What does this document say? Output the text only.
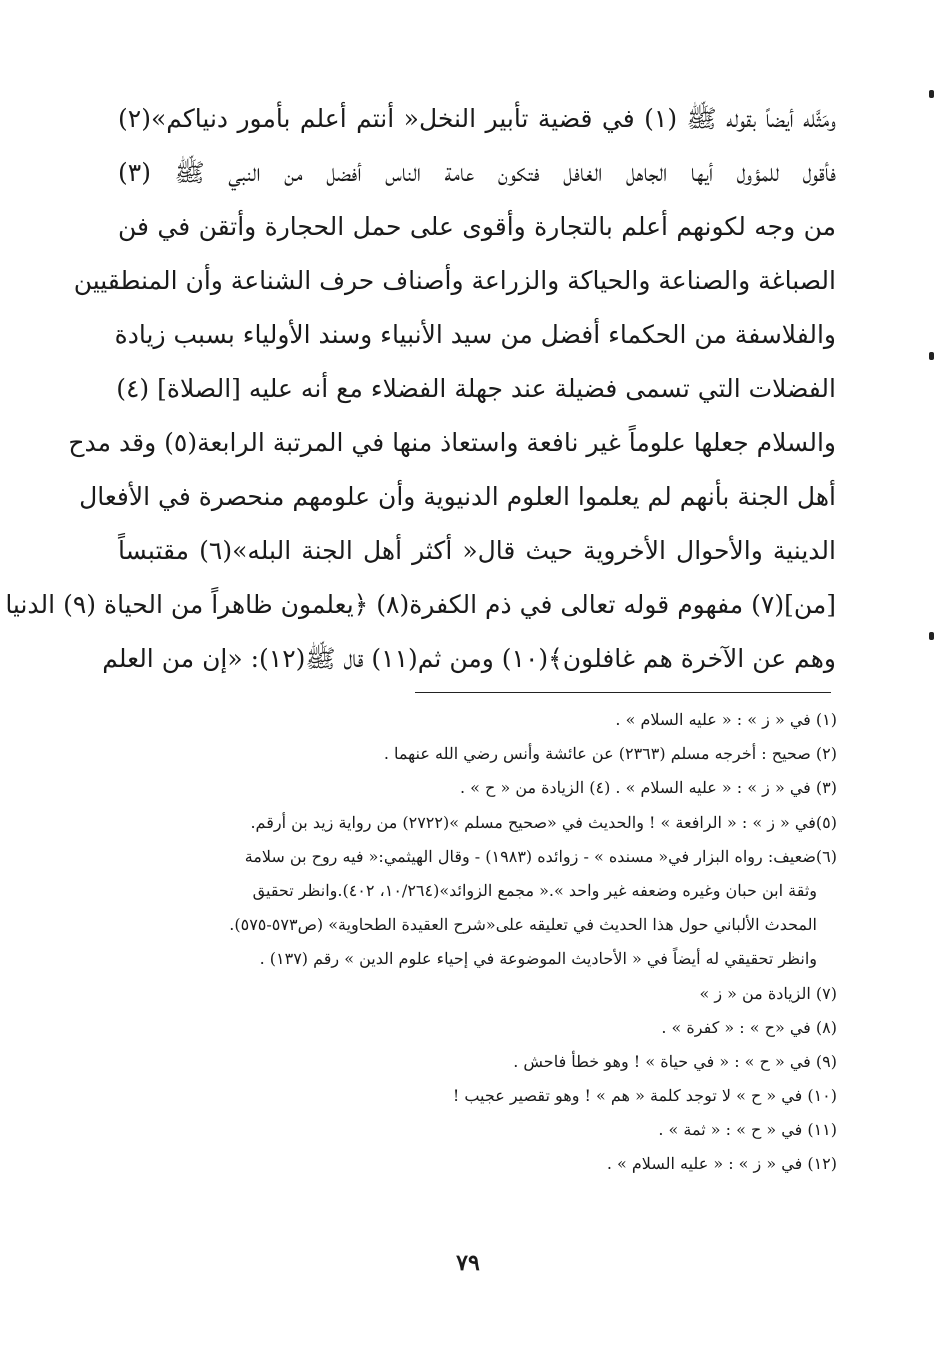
ومَثَّله أيضاً بقوله ﷺ (١) في قضية تأبير النخل« أنتم أعلم بأمور دنياكم»(٢)
فأقول للمؤول أيها الجاهل الغافل فتكون عامة الناس أفضل من النبي ﷺ (٣)
من وجه لكونهم أعلم بالتجارة وأقوى على حمل الحجارة وأتقن في فن
الصباغة والصناعة والحياكة والزراعة وأصناف حرف الشناعة وأن المنطقيين
والفلاسفة من الحكماء أفضل من سيد الأنبياء وسند الأولياء بسبب زيادة
الفضلات التي تسمى فضيلة عند جهلة الفضلاء مع أنه عليه [الصلاة] (٤)
والسلام جعلها علوماً غير نافعة واستعاذ منها في المرتبة الرابعة(٥) وقد مدح
أهل الجنة بأنهم لم يعلموا العلوم الدنيوية وأن علومهم منحصرة في الأفعال
الدينية والأحوال الأخروية حيث قال« أكثر أهل الجنة البله»(٦) مقتبساً
[من](٧) مفهوم قوله تعالى في ذم الكفرة(٨) ﴿يعلمون ظاهراً من الحياة (٩) الدنيا
وهم عن الآخرة هم غافلون﴾(١٠) ومن ثم(١١) قال ﷺ(١٢): «إن من العلم
(١) في « ز » : « عليه السلام » .
(٢) صحيح : أخرجه مسلم (٢٣٦٣) عن عائشة وأنس رضي الله عنهما .
(٣) في « ز » : « عليه السلام » . (٤) الزيادة من « ح » .
(٥)في « ز » : « الرافعة » ! والحديث في «صحيح مسلم »(٢٧٢٢) من رواية زيد بن أرقم.
(٦)ضعيف: رواه البزار في« مسنده » - زوائده (١٩٨٣) - وقال الهيثمي:« فيه روح بن سلامة
وثقة ابن حبان وغيره وضعفه غير واحد ».« مجمع الزوائد»(١٠/٢٦٤، ٤٠٢).وانظر تحقيق
المحدث الألباني حول هذا الحديث في تعليقه على«شرح العقيدة الطحاوية» (ص٥٧٣-٥٧٥).
وانظر تحقيقي له أيضاً في « الأحاديث الموضوعة في إحياء علوم الدين » رقم (١٣٧) .
(٧) الزيادة من « ز »
(٨) في «ح » : « كفرة » .
(٩) في « ح » : « في حياة » ! وهو خطأ فاحش .
(١٠) في « ح » لا توجد كلمة « هم » ! وهو تقصير عجيب !
(١١) في « ح » : « ثمة » .
(١٢) في « ز » : « عليه السلام » .
٧٩
